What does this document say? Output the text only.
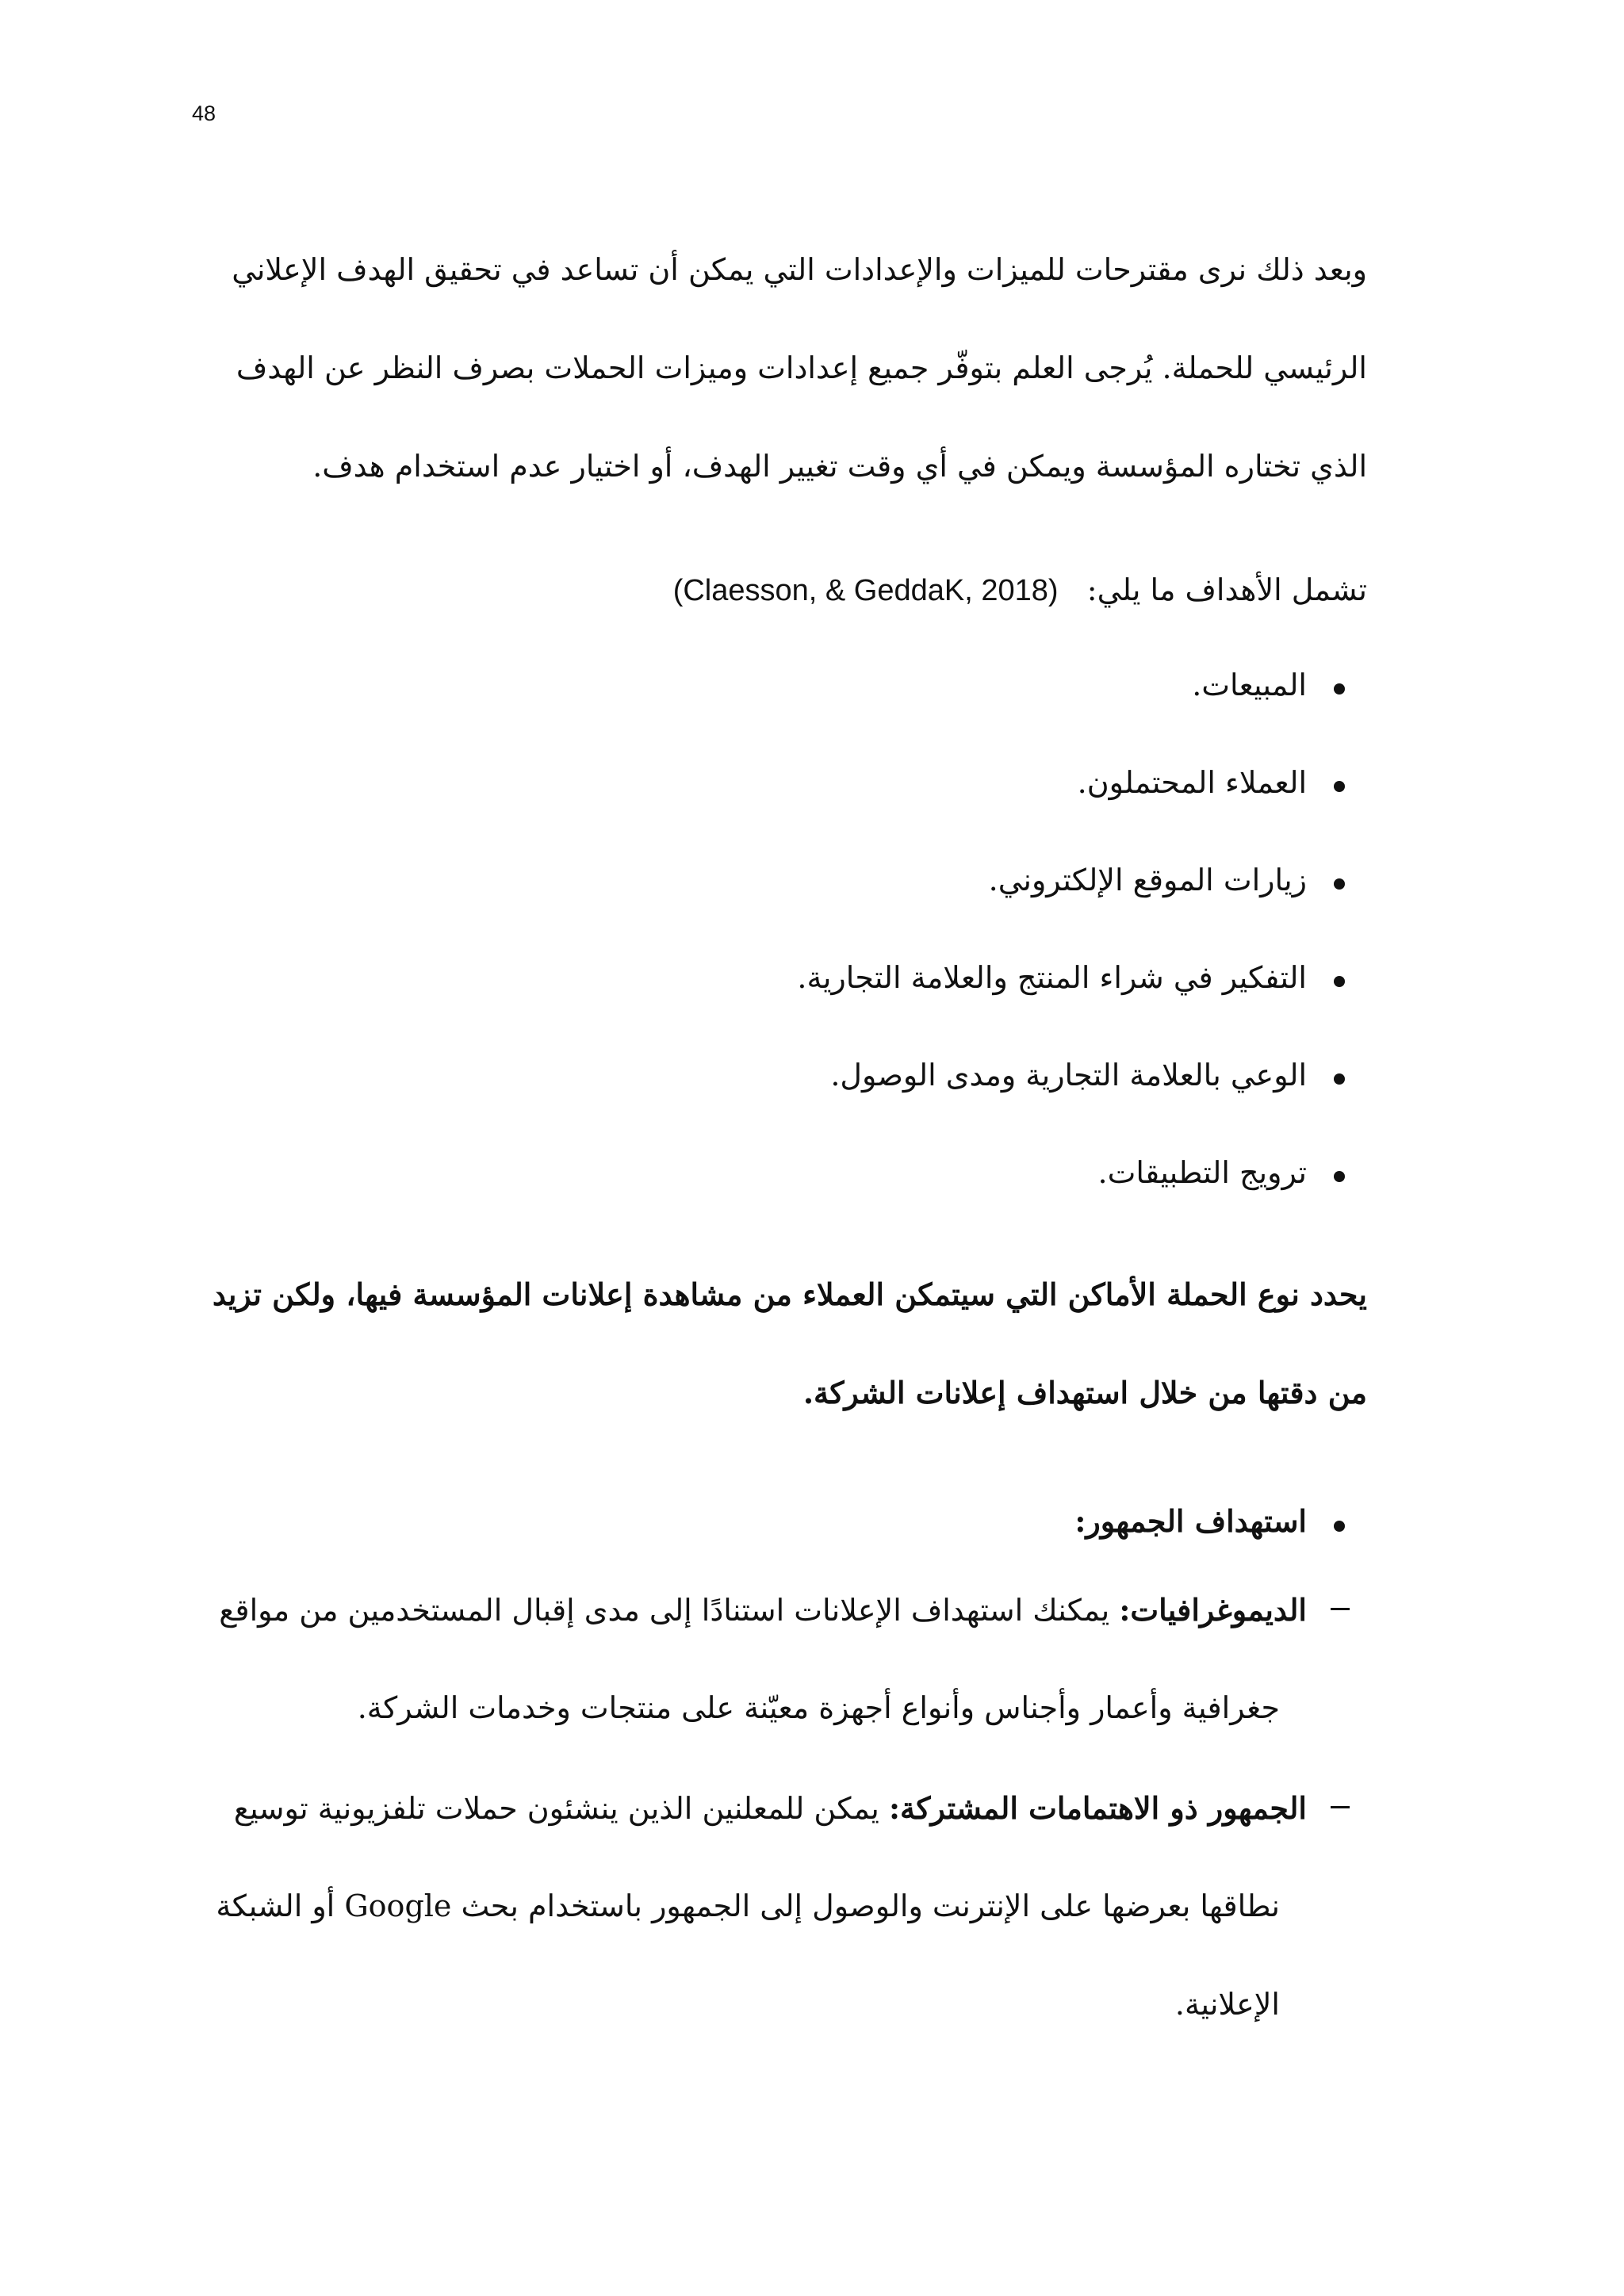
48
وبعد ذلك نرى مقترحات للميزات والإعدادات التي يمكن أن تساعد في تحقيق الهدف الإعلاني
الرئيسي للحملة. يُرجى العلم بتوفّر جميع إعدادات وميزات الحملات بصرف النظر عن الهدف
الذي تختاره المؤسسة ويمكن في أي وقت تغيير الهدف، أو اختيار عدم استخدام هدف.
تشمل الأهداف ما يلي:   (Claesson, & GeddaK, 2018)
المبيعات.
العملاء المحتملون.
زيارات الموقع الإلكتروني.
التفكير في شراء المنتج والعلامة التجارية.
الوعي بالعلامة التجارية ومدى الوصول.
ترويج التطبيقات.
يحدد نوع الحملة الأماكن التي سيتمكن العملاء من مشاهدة إعلانات المؤسسة فيها، ولكن تزيد
من دقتها من خلال استهداف إعلانات الشركة.
استهداف الجمهور:
الديموغرافيات: يمكنك استهداف الإعلانات استنادًا إلى مدى إقبال المستخدمين من مواقع
جغرافية وأعمار وأجناس وأنواع أجهزة معيّنة على منتجات وخدمات الشركة.
الجمهور ذو الاهتمامات المشتركة: يمكن للمعلنين الذين ينشئون حملات تلفزيونية توسيع
نطاقها بعرضها على الإنترنت والوصول إلى الجمهور باستخدام بحث Google أو الشبكة
الإعلانية.
